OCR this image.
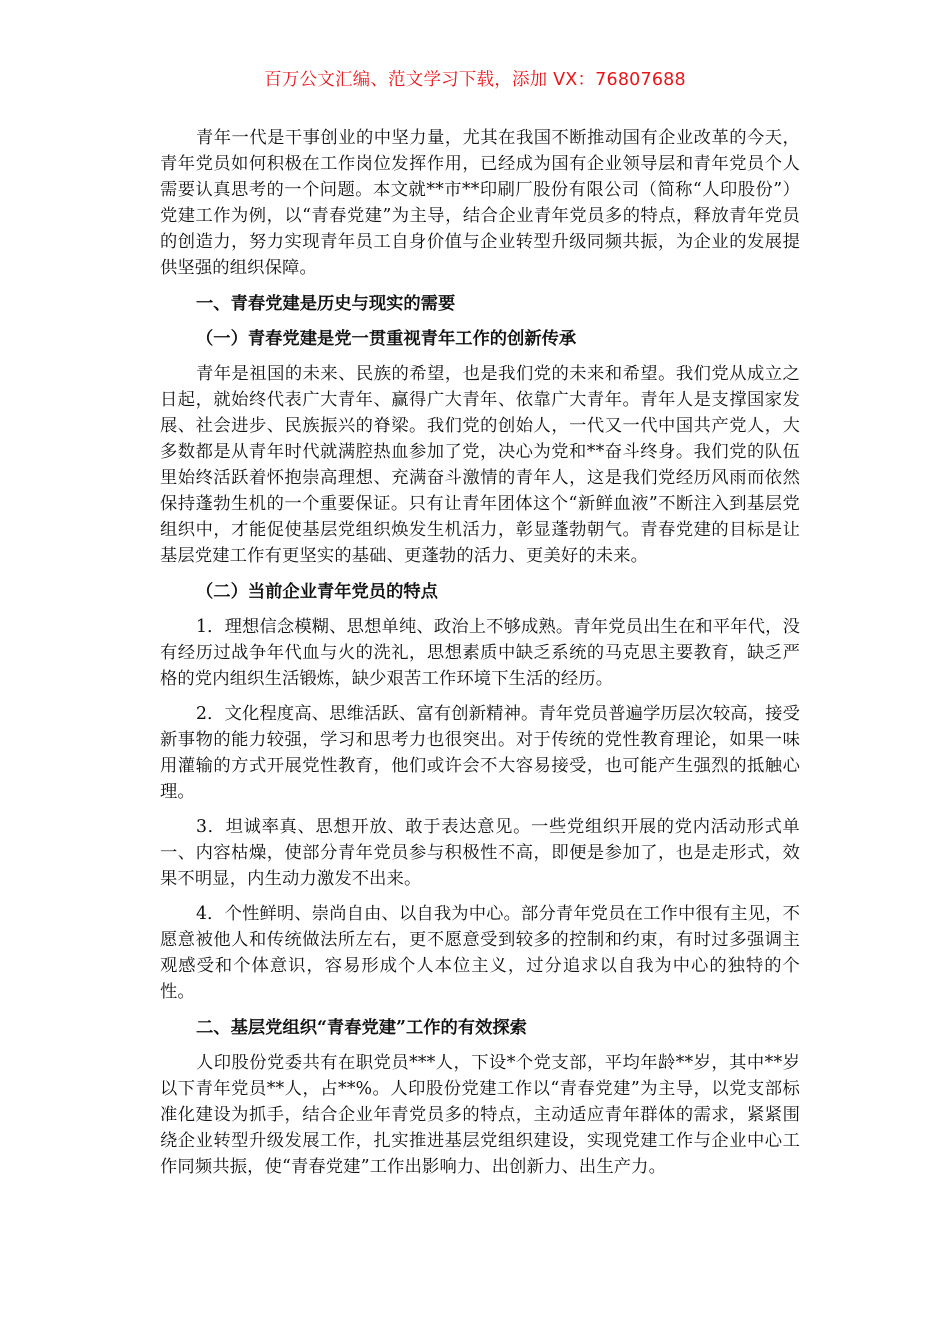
百万公文汇编、范文学习下载，添加 VX：76807688

青年一代是干事创业的中坚力量，尤其在我国不断推动国有企业改革的今天，青年党员如何积极在工作岗位发挥作用，已经成为国有企业领导层和青年党员个人需要认真思考的一个问题。本文就**市**印刷厂股份有限公司（简称“人印股份”）党建工作为例，以“青春党建”为主导，结合企业青年党员多的特点，释放青年党员的创造力，努力实现青年员工自身价值与企业转型升级同频共振，为企业的发展提供坚强的组织保障。

一、青春党建是历史与现实的需要

（一）青春党建是党一贯重视青年工作的创新传承

青年是祖国的未来、民族的希望，也是我们党的未来和希望。我们党从成立之日起，就始终代表广大青年、赢得广大青年、依靠广大青年。青年人是支撑国家发展、社会进步、民族振兴的脊梁。我们党的创始人，一代又一代中国共产党人，大多数都是从青年时代就满腔热血参加了党，决心为党和**奋斗终身。我们党的队伍里始终活跃着怀抱崇高理想、充满奋斗激情的青年人，这是我们党经历风雨而依然保持蓬勃生机的一个重要保证。只有让青年团体这个“新鲜血液”不断注入到基层党组织中，才能促使基层党组织焕发生机活力，彰显蓬勃朝气。青春党建的目标是让基层党建工作有更坚实的基础、更蓬勃的活力、更美好的未来。

（二）当前企业青年党员的特点

1．理想信念模糊、思想单纯、政治上不够成熟。青年党员出生在和平年代，没有经历过战争年代血与火的洗礼，思想素质中缺乏系统的马克思主要教育，缺乏严格的党内组织生活锻炼，缺少艰苦工作环境下生活的经历。

2．文化程度高、思维活跃、富有创新精神。青年党员普遍学历层次较高，接受新事物的能力较强，学习和思考力也很突出。对于传统的党性教育理论，如果一味用灌输的方式开展党性教育，他们或许会不大容易接受，也可能产生强烈的抵触心理。

3．坦诚率真、思想开放、敢于表达意见。一些党组织开展的党内活动形式单一、内容枯燥，使部分青年党员参与积极性不高，即便是参加了，也是走形式，效果不明显，内生动力激发不出来。

4．个性鲜明、崇尚自由、以自我为中心。部分青年党员在工作中很有主见，不愿意被他人和传统做法所左右，更不愿意受到较多的控制和约束，有时过多强调主观感受和个体意识，容易形成个人本位主义，过分追求以自我为中心的独特的个性。

二、基层党组织“青春党建”工作的有效探索

人印股份党委共有在职党员***人，下设*个党支部，平均年龄**岁，其中**岁以下青年党员**人，占**%。人印股份党建工作以“青春党建”为主导，以党支部标准化建设为抓手，结合企业年青党员多的特点，主动适应青年群体的需求，紧紧围绕企业转型升级发展工作，扎实推进基层党组织建设，实现党建工作与企业中心工作同频共振，使“青春党建”工作出影响力、出创新力、出生产力。
